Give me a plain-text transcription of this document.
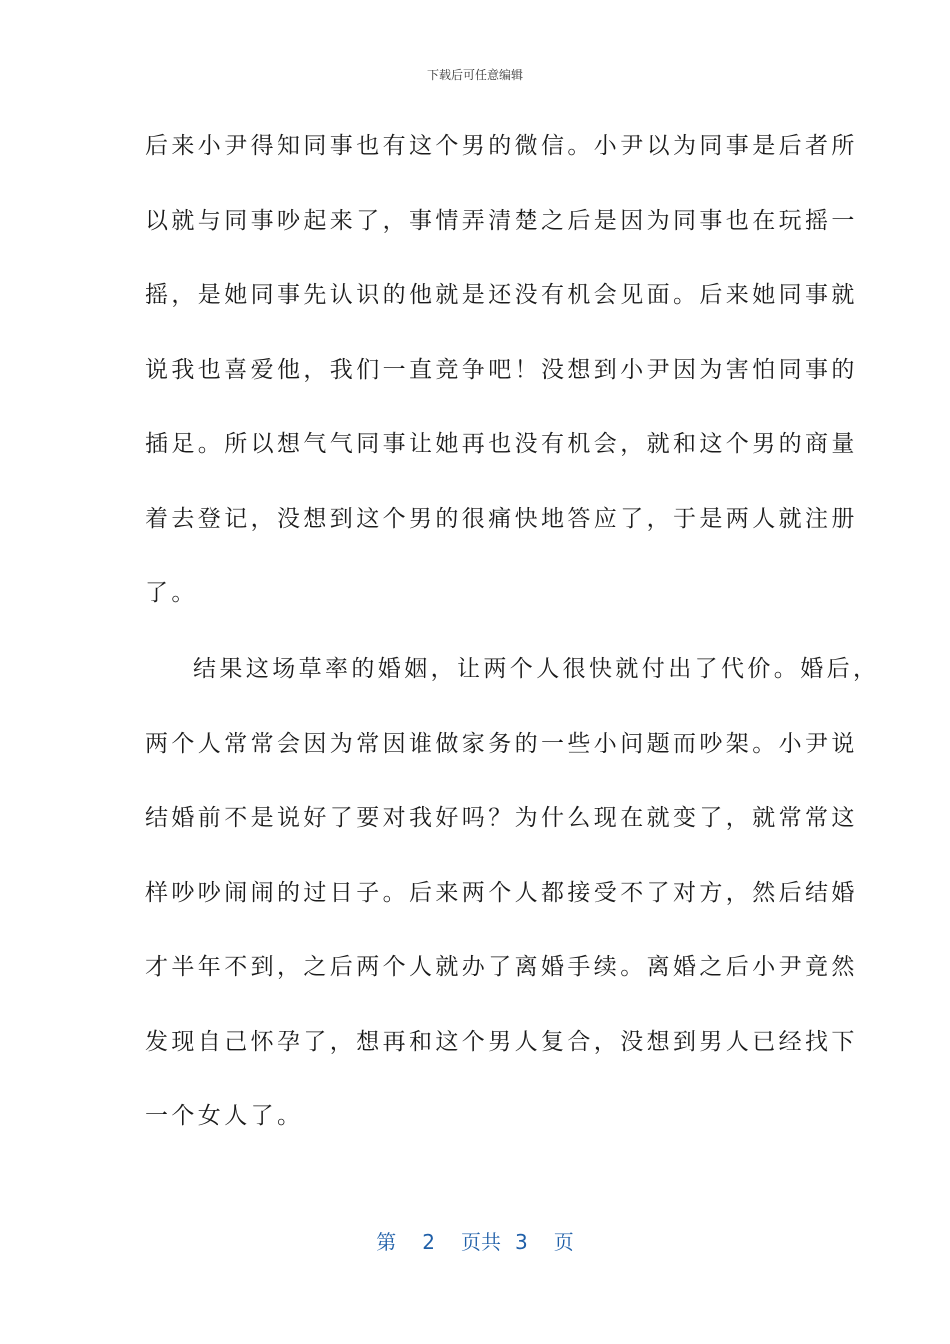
下载后可任意编辑
后来小尹得知同事也有这个男的微信。小尹以为同事是后者所
以就与同事吵起来了，事情弄清楚之后是因为同事也在玩摇一
摇，是她同事先认识的他就是还没有机会见面。后来她同事就
说我也喜爱他，我们一直竞争吧！没想到小尹因为害怕同事的
插足。所以想气气同事让她再也没有机会，就和这个男的商量
着去登记，没想到这个男的很痛快地答应了，于是两人就注册
了。
结果这场草率的婚姻，让两个人很快就付出了代价。婚后，
两个人常常会因为常因谁做家务的一些小问题而吵架。小尹说
结婚前不是说好了要对我好吗？为什么现在就变了，就常常这
样吵吵闹闹的过日子。后来两个人都接受不了对方，然后结婚
才半年不到，之后两个人就办了离婚手续。离婚之后小尹竟然
发现自己怀孕了，想再和这个男人复合，没想到男人已经找下
一个女人了。
第 2 页共 3 页
